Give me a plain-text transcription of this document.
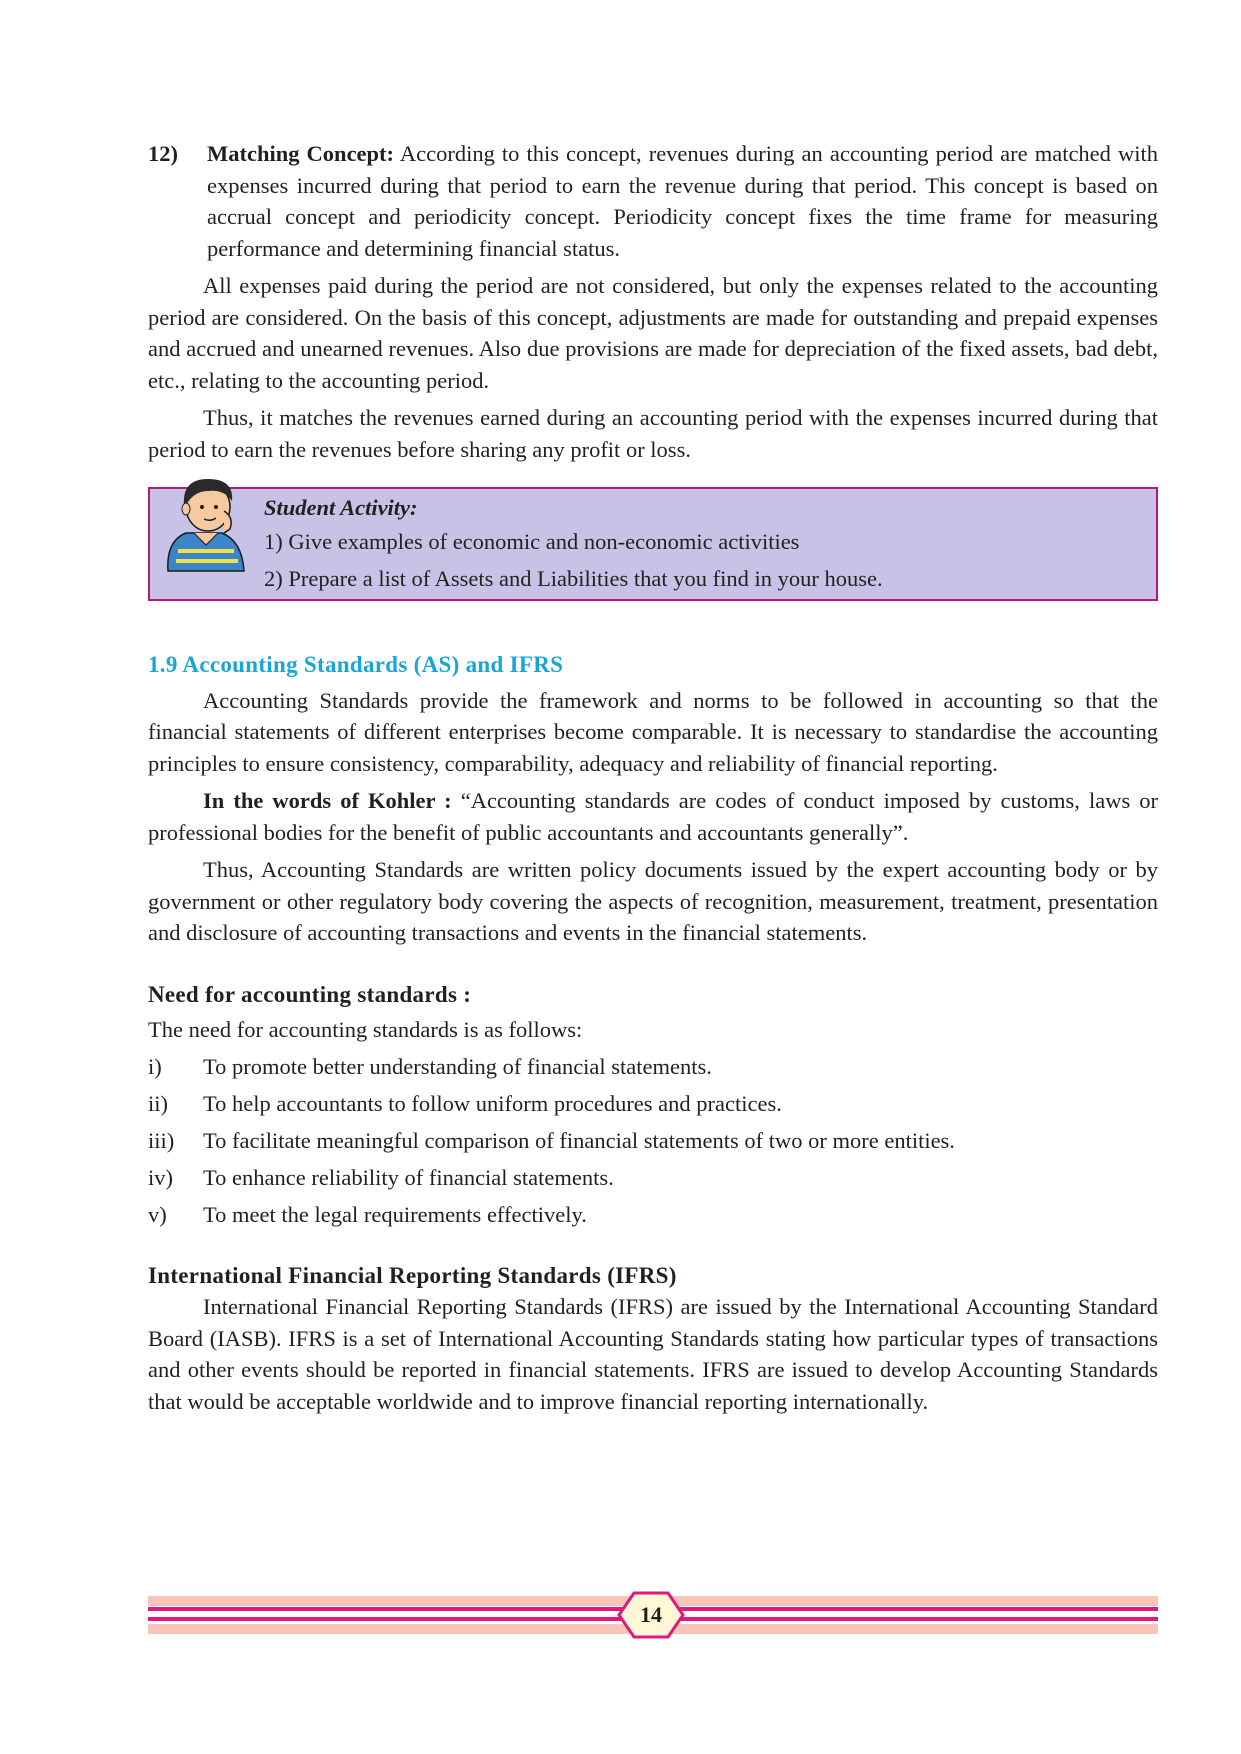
12) Matching Concept: According to this concept, revenues during an accounting period are matched with expenses incurred during that period to earn the revenue during that period. This concept is based on accrual concept and periodicity concept. Periodicity concept fixes the time frame for measuring performance and determining financial status.

All expenses paid during the period are not considered, but only the expenses related to the accounting period are considered. On the basis of this concept, adjustments are made for outstanding and prepaid expenses and accrued and unearned revenues. Also due provisions are made for depreciation of the fixed assets, bad debt, etc., relating to the accounting period.

Thus, it matches the revenues earned during an accounting period with the expenses incurred during that period to earn the revenues before sharing any profit or loss.

Student Activity:
1) Give examples of economic and non-economic activities
2) Prepare a list of Assets and Liabilities that you find in your house.
1.9 Accounting Standards (AS) and IFRS

Accounting Standards provide the framework and norms to be followed in accounting so that the financial statements of different enterprises become comparable. It is necessary to standardise the accounting principles to ensure consistency, comparability, adequacy and reliability of financial reporting.

In the words of Kohler : “Accounting standards are codes of conduct imposed by customs, laws or professional bodies for the benefit of public accountants and accountants generally”.

Thus, Accounting Standards are written policy documents issued by the expert accounting body or by government or other regulatory body covering the aspects of recognition, measurement, treatment, presentation and disclosure of accounting transactions and events in the financial statements.

Need for accounting standards :

The need for accounting standards is as follows:

i)	To promote better understanding of financial statements.
ii)	To help accountants to follow uniform procedures and practices.
iii)	To facilitate meaningful comparison of financial statements of two or more entities.
iv)	To enhance reliability of financial statements.
v)	To meet the legal requirements effectively.
International Financial Reporting Standards (IFRS)

International Financial Reporting Standards (IFRS) are issued by the International Accounting Standard Board (IASB). IFRS is a set of International Accounting Standards stating how particular types of transactions and other events should be reported in financial statements. IFRS are issued to develop Accounting Standards that would be acceptable worldwide and to improve financial reporting internationally.

14
